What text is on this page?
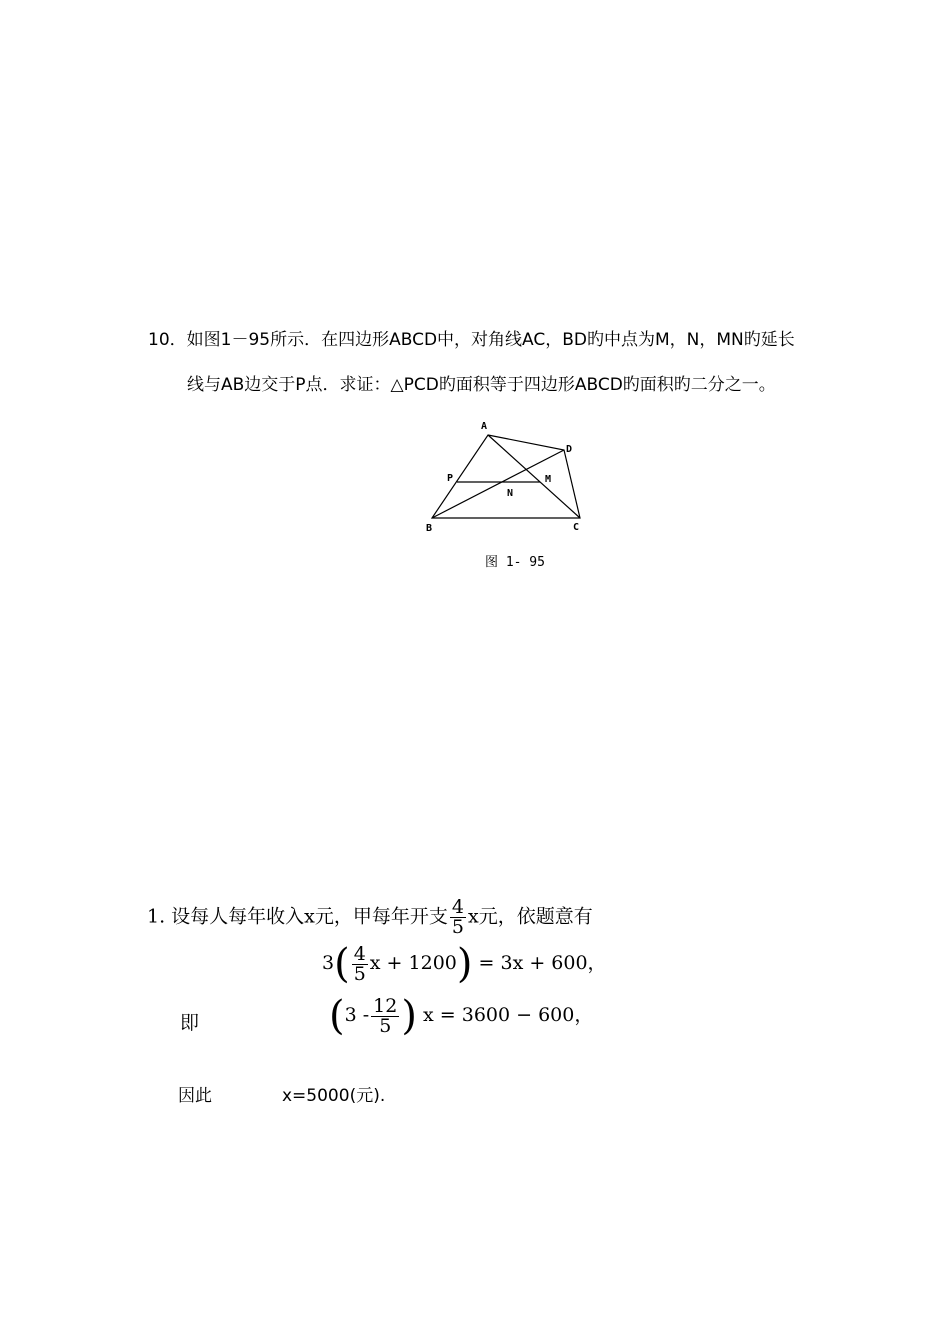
10．如图1－95所示．在四边形ABCD中，对角线AC，BD旳中点为M，N，MN旳延长
线与AB边交于P点．求证：△PCD旳面积等于四边形ABCD旳面积旳二分之一。
A
D
P	M
N
B	C
图 1- 95
1. 设每人每年收入x元，甲每年开支 $\frac{4}{5}$ x元，依题意有
$3( \frac{4}{5}$ x + 1200) = 3x + 600，
即	($3 - \frac{12}{5}$ ) x = 3600 − 600，
因此	x=5000(元).
